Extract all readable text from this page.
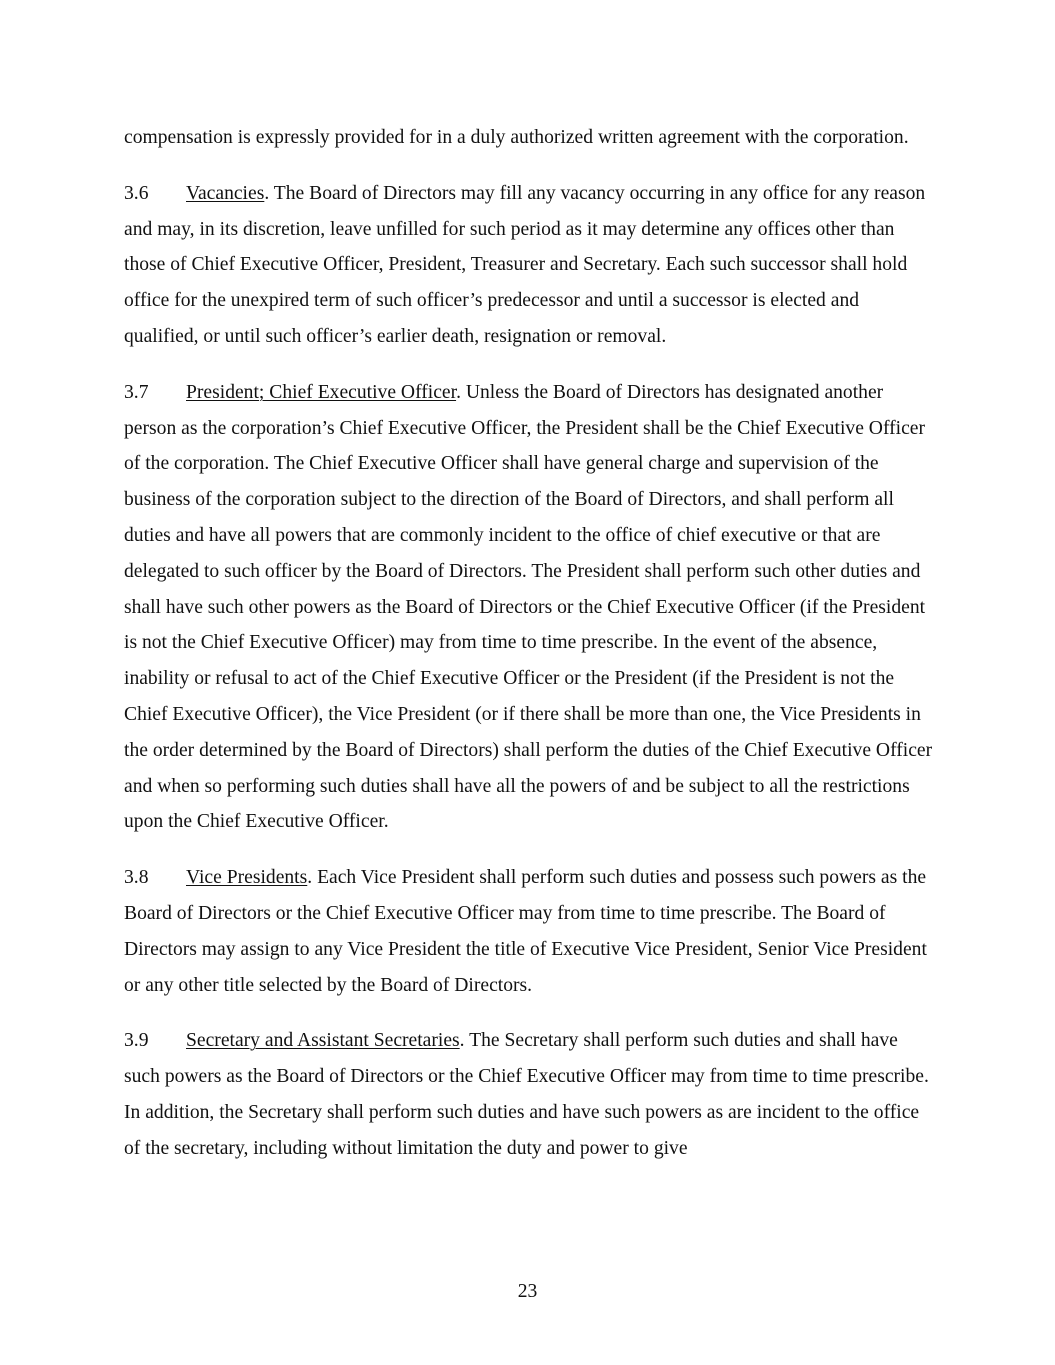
compensation is expressly provided for in a duly authorized written agreement with the corporation.

3.6 Vacancies. The Board of Directors may fill any vacancy occurring in any office for any reason and may, in its discretion, leave unfilled for such period as it may determine any offices other than those of Chief Executive Officer, President, Treasurer and Secretary. Each such successor shall hold office for the unexpired term of such officer’s predecessor and until a successor is elected and qualified, or until such officer’s earlier death, resignation or removal.

3.7 President; Chief Executive Officer. Unless the Board of Directors has designated another person as the corporation’s Chief Executive Officer, the President shall be the Chief Executive Officer of the corporation. The Chief Executive Officer shall have general charge and supervision of the business of the corporation subject to the direction of the Board of Directors, and shall perform all duties and have all powers that are commonly incident to the office of chief executive or that are delegated to such officer by the Board of Directors. The President shall perform such other duties and shall have such other powers as the Board of Directors or the Chief Executive Officer (if the President is not the Chief Executive Officer) may from time to time prescribe. In the event of the absence, inability or refusal to act of the Chief Executive Officer or the President (if the President is not the Chief Executive Officer), the Vice President (or if there shall be more than one, the Vice Presidents in the order determined by the Board of Directors) shall perform the duties of the Chief Executive Officer and when so performing such duties shall have all the powers of and be subject to all the restrictions upon the Chief Executive Officer.

3.8 Vice Presidents. Each Vice President shall perform such duties and possess such powers as the Board of Directors or the Chief Executive Officer may from time to time prescribe. The Board of Directors may assign to any Vice President the title of Executive Vice President, Senior Vice President or any other title selected by the Board of Directors.

3.9 Secretary and Assistant Secretaries. The Secretary shall perform such duties and shall have such powers as the Board of Directors or the Chief Executive Officer may from time to time prescribe. In addition, the Secretary shall perform such duties and have such powers as are incident to the office of the secretary, including without limitation the duty and power to give

23
